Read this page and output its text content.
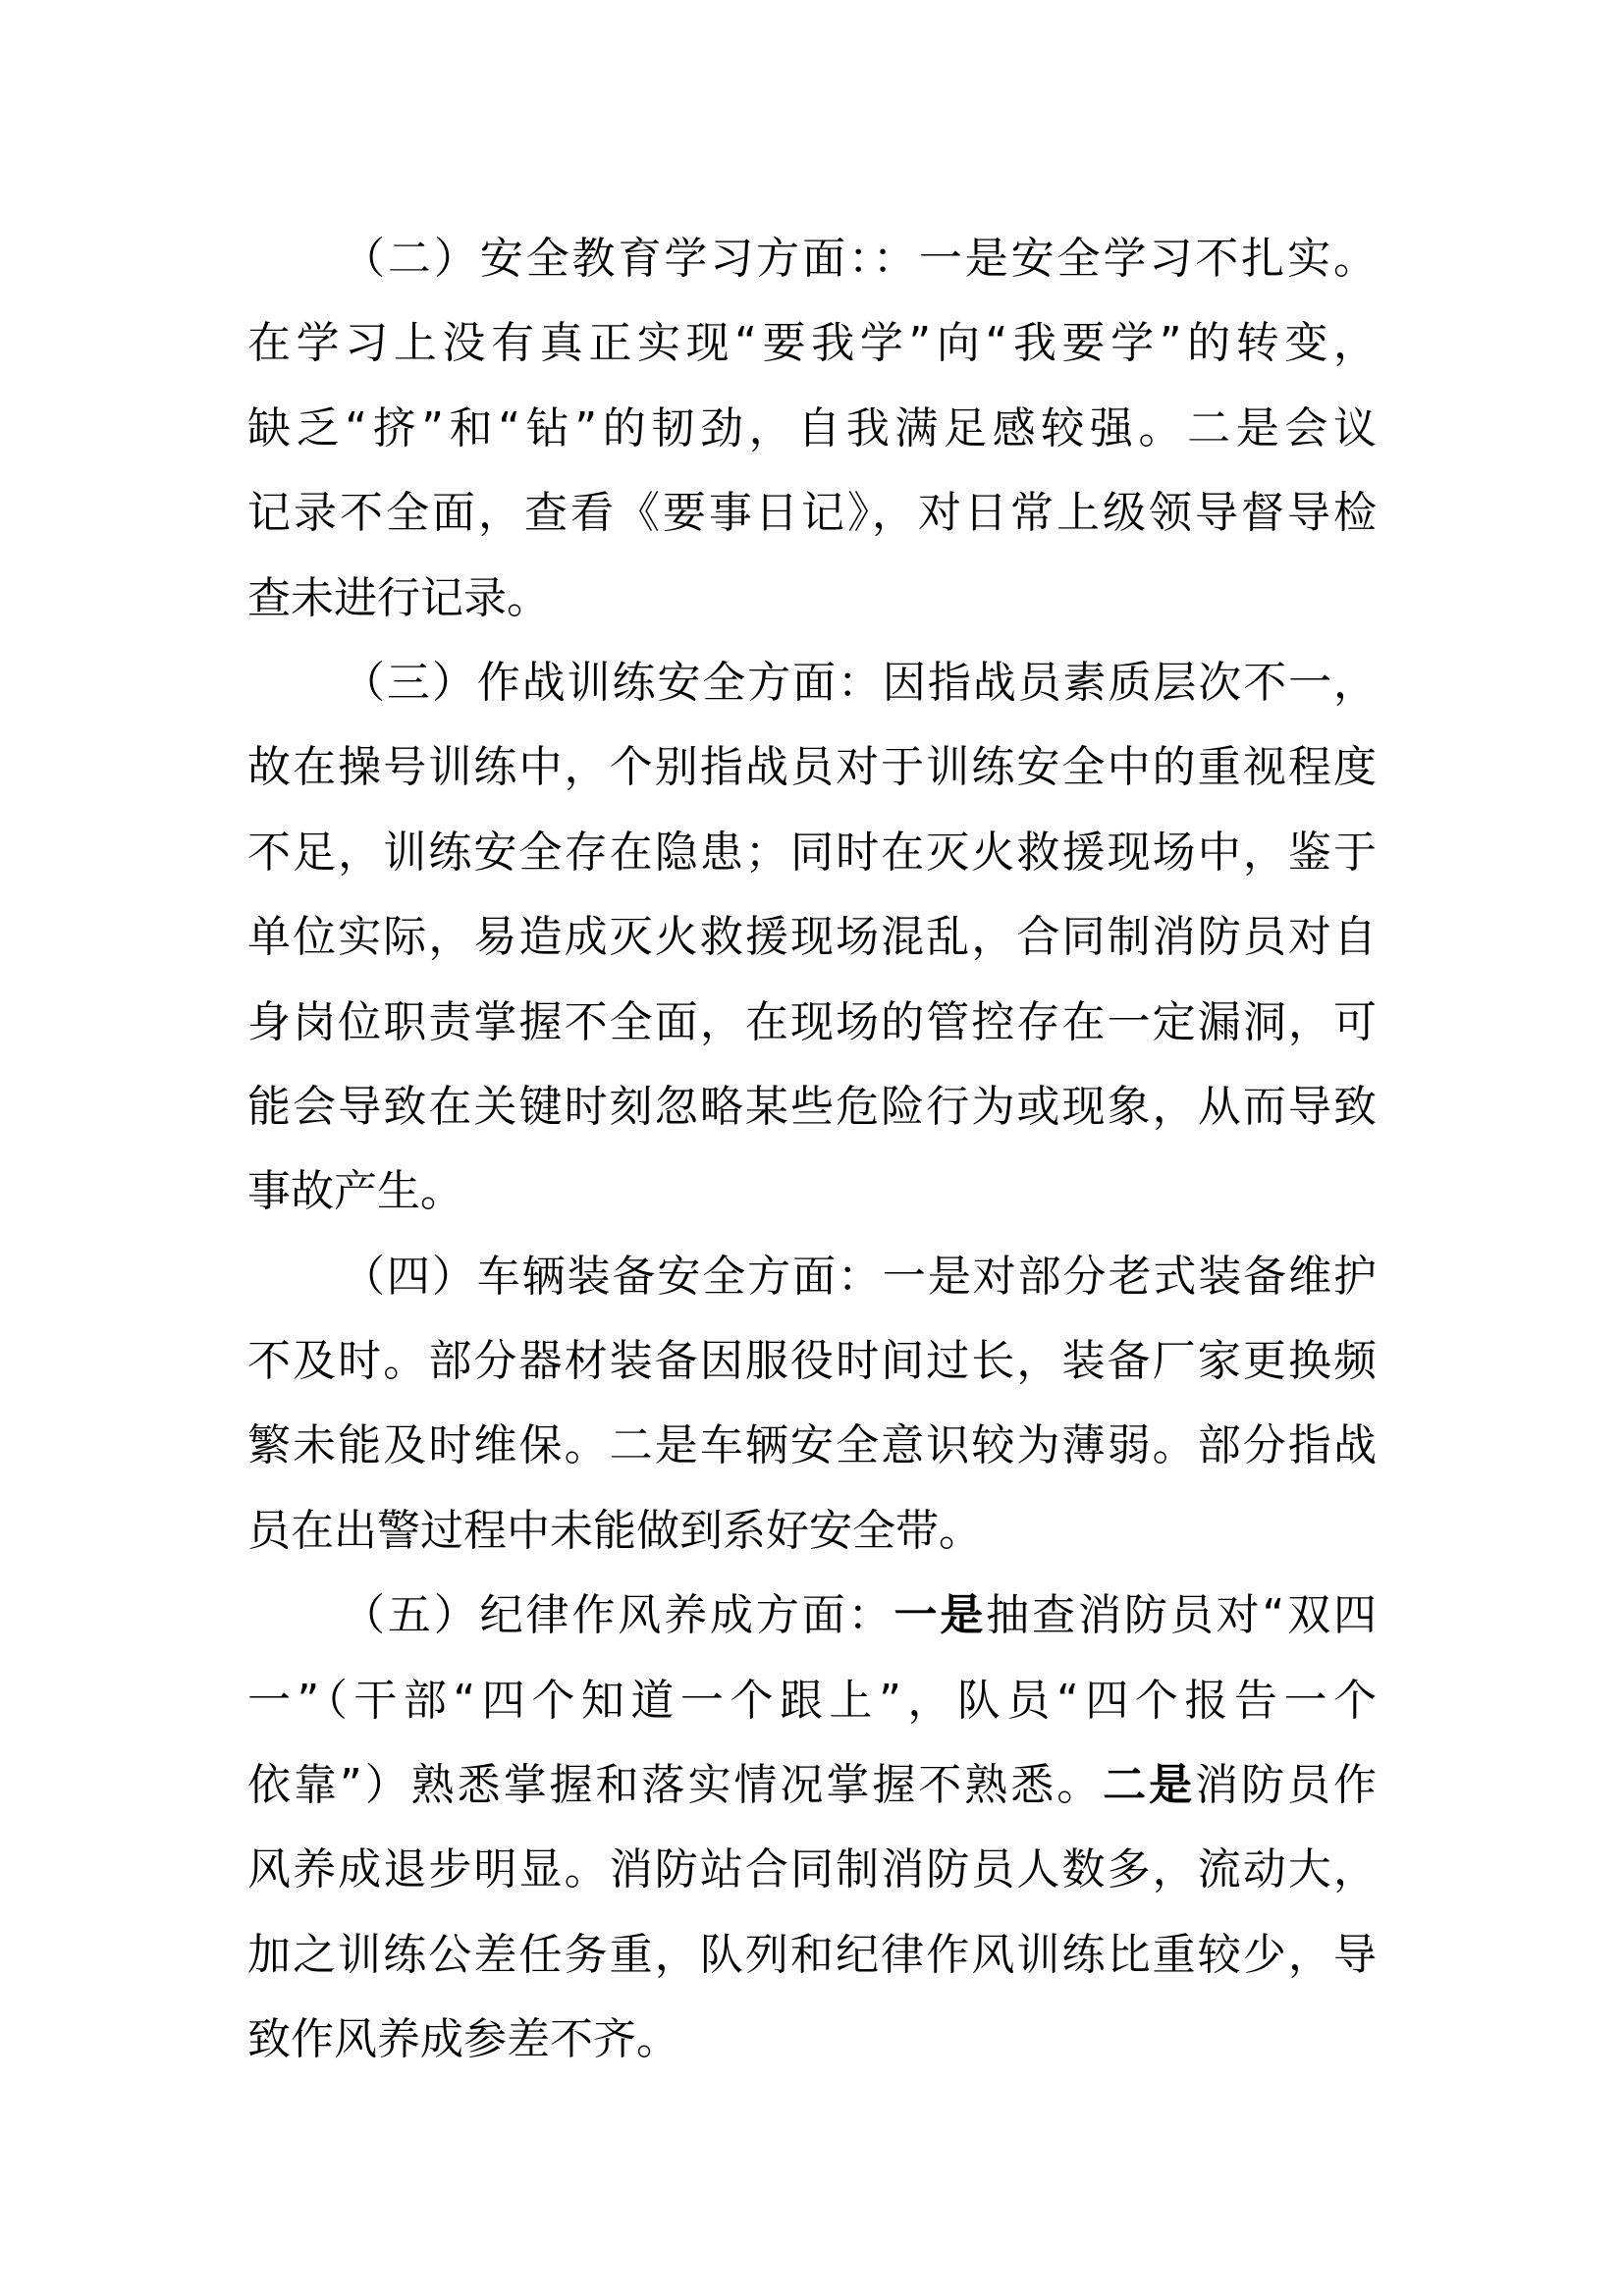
（二）安全教育学习方面：：一是安全学习不扎实。
在学习上没有真正实现“要我学”向“我要学”的转变，
缺乏“挤”和“钻”的韧劲，自我满足感较强。二是会议
记录不全面，查看《要事日记》，对日常上级领导督导检
查未进行记录。
（三）作战训练安全方面：因指战员素质层次不一，
故在操号训练中，个别指战员对于训练安全中的重视程度
不足，训练安全存在隐患；同时在灭火救援现场中，鉴于
单位实际，易造成灭火救援现场混乱，合同制消防员对自
身岗位职责掌握不全面，在现场的管控存在一定漏洞，可
能会导致在关键时刻忽略某些危险行为或现象，从而导致
事故产生。
（四）车辆装备安全方面：一是对部分老式装备维护
不及时。部分器材装备因服役时间过长，装备厂家更换频
繁未能及时维保。二是车辆安全意识较为薄弱。部分指战
员在出警过程中未能做到系好安全带。
（五）纪律作风养成方面：一是抽查消防员对“双四
一”（干部“四个知道一个跟上”，队员“四个报告一个
依靠”）熟悉掌握和落实情况掌握不熟悉。二是消防员作
风养成退步明显。消防站合同制消防员人数多，流动大，
加之训练公差任务重，队列和纪律作风训练比重较少，导
致作风养成参差不齐。
